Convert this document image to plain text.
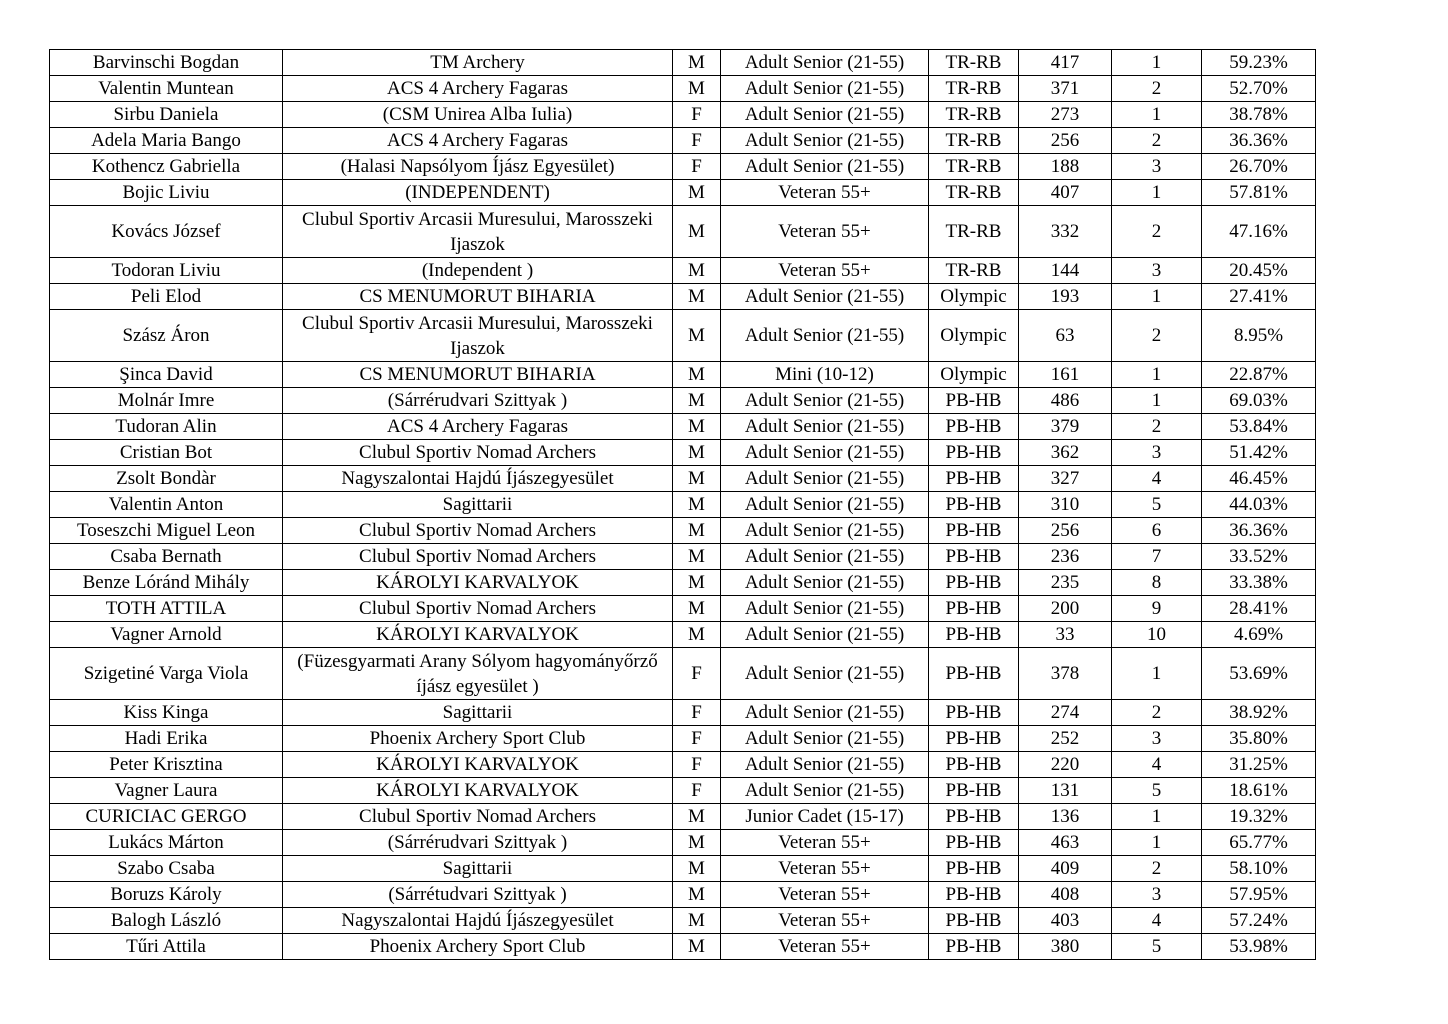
Barvinschi Bogdan	TM Archery	M	Adult Senior (21-55)	TR-RB	417	1	59.23%
Valentin Muntean	ACS 4 Archery Fagaras	M	Adult Senior (21-55)	TR-RB	371	2	52.70%
Sirbu Daniela	(CSM Unirea Alba Iulia)	F	Adult Senior (21-55)	TR-RB	273	1	38.78%
Adela Maria Bango	ACS 4 Archery Fagaras	F	Adult Senior (21-55)	TR-RB	256	2	36.36%
Kothencz Gabriella	(Halasi Napsólyom Íjász Egyesület)	F	Adult Senior (21-55)	TR-RB	188	3	26.70%
Bojic Liviu	(INDEPENDENT)	M	Veteran 55+	TR-RB	407	1	57.81%
Kovács József	Clubul Sportiv Arcasii Muresului, Marosszeki Ijaszok	M	Veteran 55+	TR-RB	332	2	47.16%
Todoran Liviu	(Independent )	M	Veteran 55+	TR-RB	144	3	20.45%
Peli Elod	CS MENUMORUT BIHARIA	M	Adult Senior (21-55)	Olympic	193	1	27.41%
Szász Áron	Clubul Sportiv Arcasii Muresului, Marosszeki Ijaszok	M	Adult Senior (21-55)	Olympic	63	2	8.95%
Şinca David	CS MENUMORUT BIHARIA	M	Mini (10-12)	Olympic	161	1	22.87%
Molnár Imre	(Sárrérudvari Szittyak )	M	Adult Senior (21-55)	PB-HB	486	1	69.03%
Tudoran Alin	ACS 4 Archery Fagaras	M	Adult Senior (21-55)	PB-HB	379	2	53.84%
Cristian Bot	Clubul Sportiv Nomad Archers	M	Adult Senior (21-55)	PB-HB	362	3	51.42%
Zsolt Bondàr	Nagyszalontai Hajdú Íjászegyesület	M	Adult Senior (21-55)	PB-HB	327	4	46.45%
Valentin Anton	Sagittarii	M	Adult Senior (21-55)	PB-HB	310	5	44.03%
Toseszchi Miguel Leon	Clubul Sportiv Nomad Archers	M	Adult Senior (21-55)	PB-HB	256	6	36.36%
Csaba Bernath	Clubul Sportiv Nomad Archers	M	Adult Senior (21-55)	PB-HB	236	7	33.52%
Benze Lóránd Mihály	KÁROLYI KARVALYOK	M	Adult Senior (21-55)	PB-HB	235	8	33.38%
TOTH ATTILA	Clubul Sportiv Nomad Archers	M	Adult Senior (21-55)	PB-HB	200	9	28.41%
Vagner Arnold	KÁROLYI KARVALYOK	M	Adult Senior (21-55)	PB-HB	33	10	4.69%
Szigetiné Varga Viola	(Füzesgyarmati Arany Sólyom hagyományőrző íjász egyesület )	F	Adult Senior (21-55)	PB-HB	378	1	53.69%
Kiss Kinga	Sagittarii	F	Adult Senior (21-55)	PB-HB	274	2	38.92%
Hadi Erika	Phoenix Archery Sport Club	F	Adult Senior (21-55)	PB-HB	252	3	35.80%
Peter Krisztina	KÁROLYI KARVALYOK	F	Adult Senior (21-55)	PB-HB	220	4	31.25%
Vagner Laura	KÁROLYI KARVALYOK	F	Adult Senior (21-55)	PB-HB	131	5	18.61%
CURICIAC GERGO	Clubul Sportiv Nomad Archers	M	Junior Cadet (15-17)	PB-HB	136	1	19.32%
Lukács Márton	(Sárrérudvari Szittyak )	M	Veteran 55+	PB-HB	463	1	65.77%
Szabo Csaba	Sagittarii	M	Veteran 55+	PB-HB	409	2	58.10%
Boruzs Károly	(Sárrétudvari Szittyak )	M	Veteran 55+	PB-HB	408	3	57.95%
Balogh László	Nagyszalontai Hajdú Íjászegyesület	M	Veteran 55+	PB-HB	403	4	57.24%
Tűri Attila	Phoenix Archery Sport Club	M	Veteran 55+	PB-HB	380	5	53.98%
